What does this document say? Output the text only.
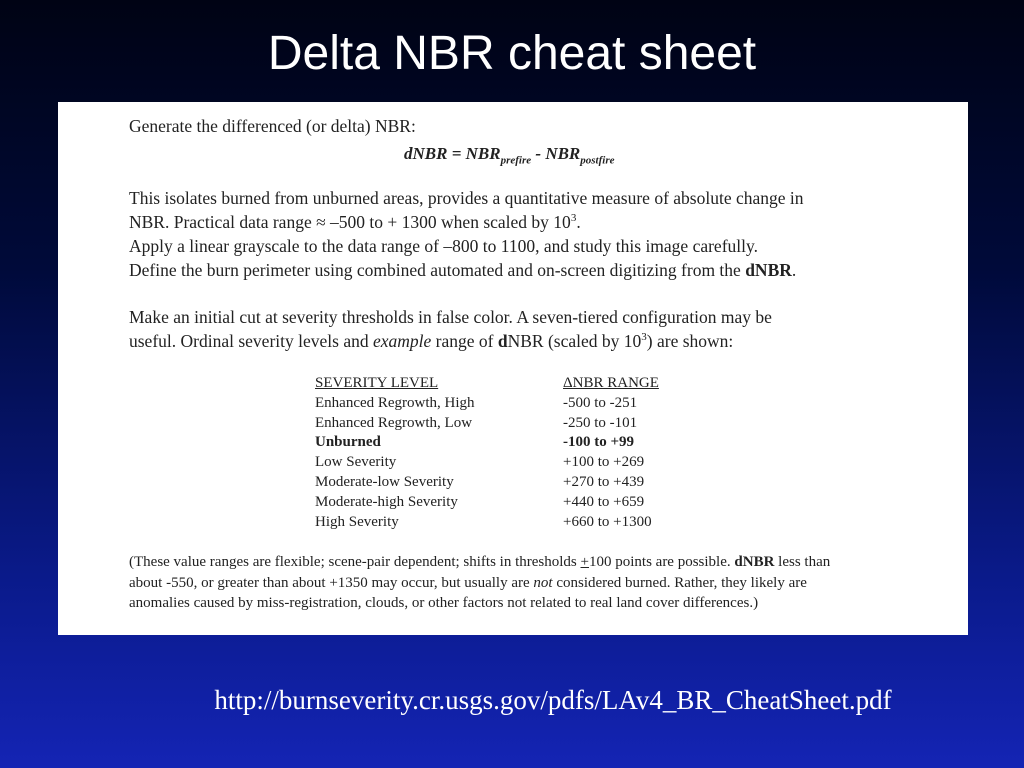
Delta NBR cheat sheet
Generate the differenced (or delta) NBR:
dNBR = $NBR_{prefire} - NBR_{postfire}$
This isolates burned from unburned areas, provides a quantitative measure of absolute change in
NBR. Practical data range ≈ –500 to + 1300 when scaled by $10^3$.
Apply a linear grayscale to the data range of –800 to 1100, and study this image carefully.
Define the burn perimeter using combined automated and on-screen digitizing from the dNBR.
Make an initial cut at severity thresholds in false color. A seven-tiered configuration may be
useful. Ordinal severity levels and example range of dNBR (scaled by $10^3$) are shown:
SEVERITY LEVEL	ΔNBR RANGE
Enhanced Regrowth, High	-500 to -251
Enhanced Regrowth, Low	-250 to -101
Unburned	-100 to +99
Low Severity	+100 to +269
Moderate-low Severity	+270 to +439
Moderate-high Severity	+440 to +659
High Severity	+660 to +1300
(These value ranges are flexible; scene-pair dependent; shifts in thresholds +100 points are possible. dNBR less than
about -550, or greater than about +1350 may occur, but usually are not considered burned. Rather, they likely are
anomalies caused by miss-registration, clouds, or other factors not related to real land cover differences.)
http://burnseverity.cr.usgs.gov/pdfs/LAv4_BR_CheatSheet.pdf
